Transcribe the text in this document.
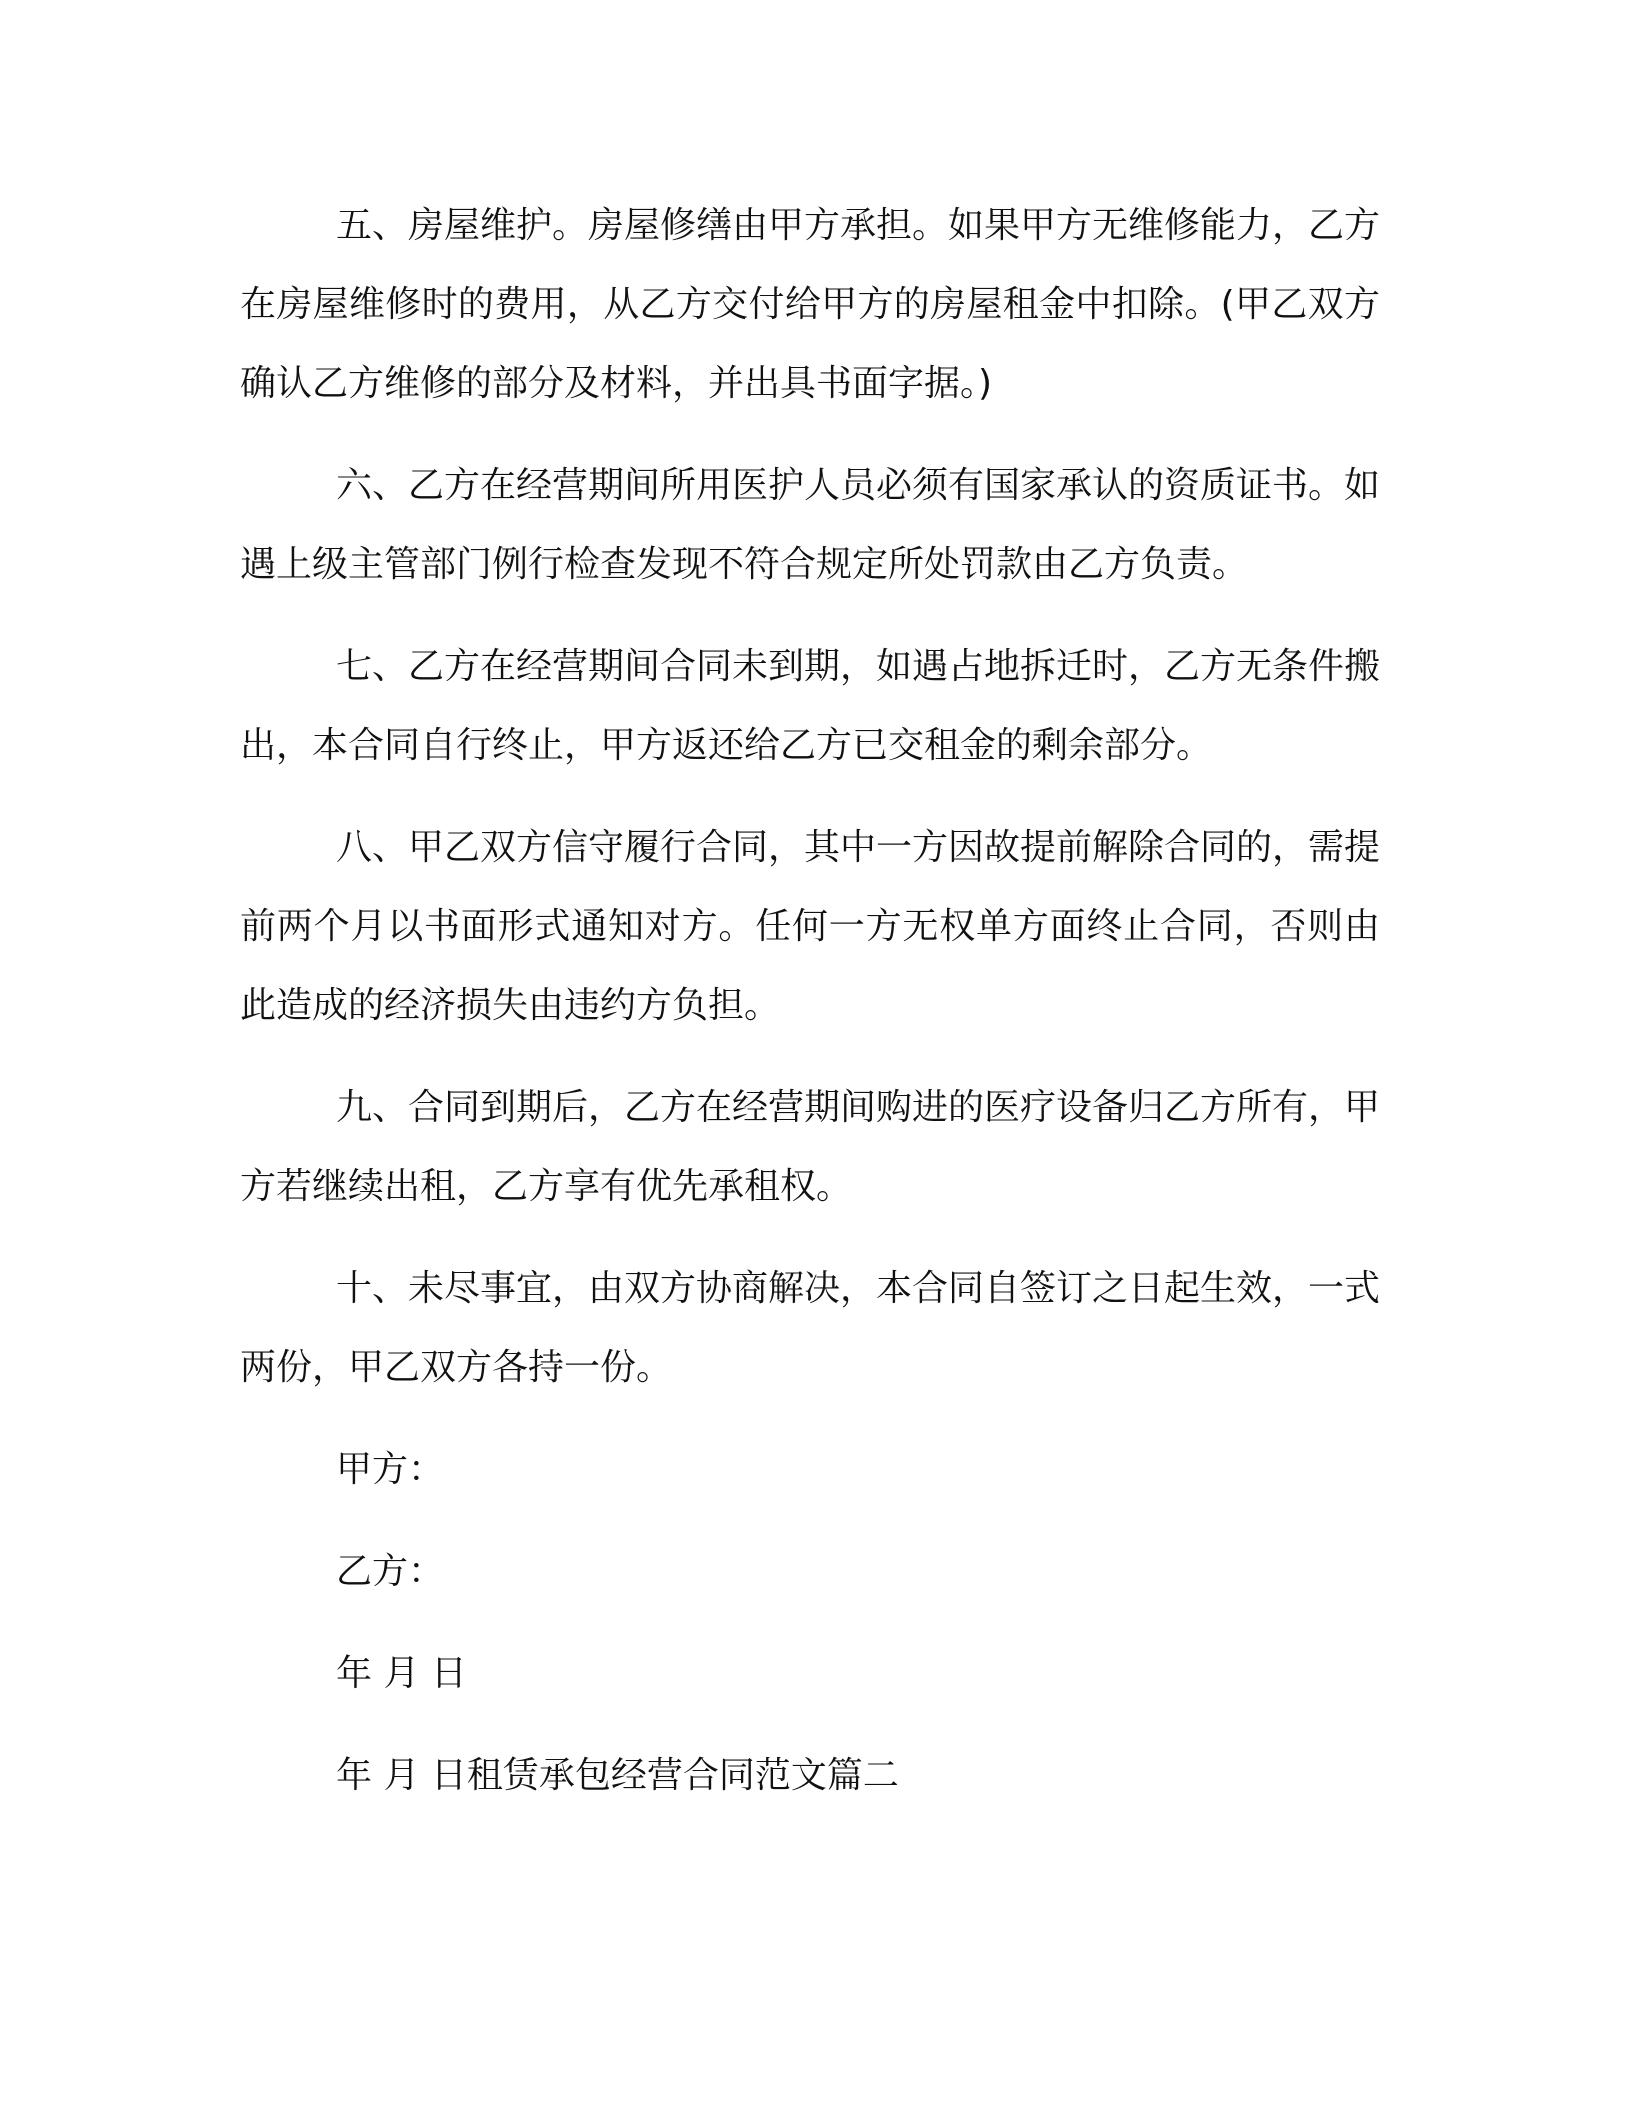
五、房屋维护。房屋修缮由甲方承担。如果甲方无维修能力，乙方在房屋维修时的费用，从乙方交付给甲方的房屋租金中扣除。(甲乙双方确认乙方维修的部分及材料，并出具书面字据。)

六、乙方在经营期间所用医护人员必须有国家承认的资质证书。如遇上级主管部门例行检查发现不符合规定所处罚款由乙方负责。

七、乙方在经营期间合同未到期，如遇占地拆迁时，乙方无条件搬出，本合同自行终止，甲方返还给乙方已交租金的剩余部分。

八、甲乙双方信守履行合同，其中一方因故提前解除合同的，需提前两个月以书面形式通知对方。任何一方无权单方面终止合同，否则由此造成的经济损失由违约方负担。

九、合同到期后，乙方在经营期间购进的医疗设备归乙方所有，甲方若继续出租，乙方享有优先承租权。

十、未尽事宜，由双方协商解决，本合同自签订之日起生效，一式两份，甲乙双方各持一份。

甲方：

乙方：

年 月 日

年 月 日租赁承包经营合同范文篇二
